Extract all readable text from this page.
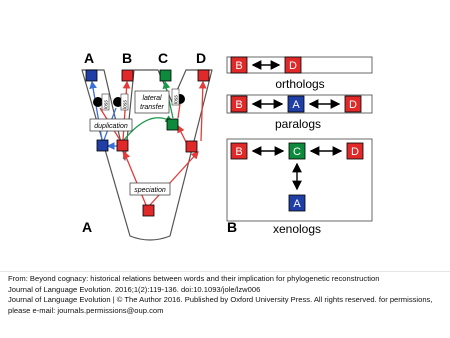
A B C D
loss	loss
loss
duplication
lateral
transfer
speciation
A
B	D
orthologs
B	A	D
paralogs
B	C	D
A
xenologs
B

From: Beyond cognacy: historical relations between words and their implication for phylogenetic reconstruction
Journal of Language Evolution. 2016;1(2):119-136. doi:10.1093/jole/lzw006
Journal of Language Evolution | © The Author 2016. Published by Oxford University Press. All rights reserved. for permissions,
please e-mail: journals.permissions@oup.com
